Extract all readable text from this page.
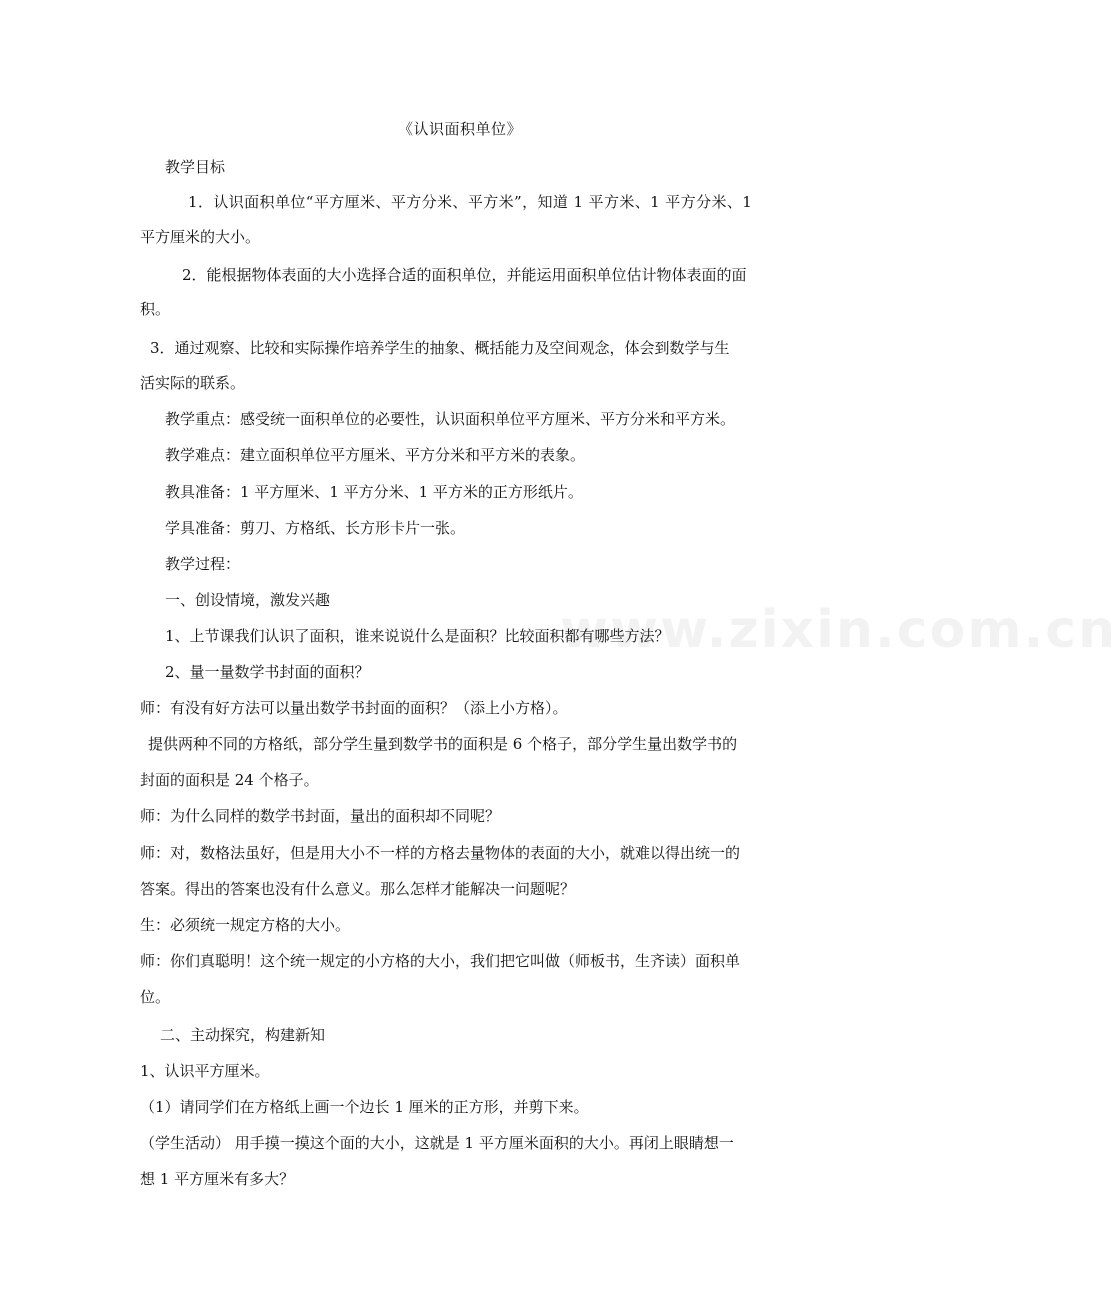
www.zixin.com.cn
《认识面积单位》
教学目标
1．认识面积单位“平方厘米、平方分米、平方米”，知道 1 平方米、1 平方分米、1
平方厘米的大小。
2．能根据物体表面的大小选择合适的面积单位，并能运用面积单位估计物体表面的面
积。
3．通过观察、比较和实际操作培养学生的抽象、概括能力及空间观念，体会到数学与生
活实际的联系。
教学重点：感受统一面积单位的必要性，认识面积单位平方厘米、平方分米和平方米。
教学难点：建立面积单位平方厘米、平方分米和平方米的表象。
教具准备：1 平方厘米、1 平方分米、1 平方米的正方形纸片。
学具准备：剪刀、方格纸、长方形卡片一张。
教学过程：
一、创设情境，激发兴趣
1、上节课我们认识了面积，谁来说说什么是面积？比较面积都有哪些方法？
2、量一量数学书封面的面积？
师：有没有好方法可以量出数学书封面的面积？（添上小方格）。
提供两种不同的方格纸，部分学生量到数学书的面积是 6 个格子，部分学生量出数学书的
封面的面积是 24 个格子。
师：为什么同样的数学书封面，量出的面积却不同呢？
师：对，数格法虽好，但是用大小不一样的方格去量物体的表面的大小，就难以得出统一的
答案。得出的答案也没有什么意义。那么怎样才能解决一问题呢？
生：必须统一规定方格的大小。
师：你们真聪明！这个统一规定的小方格的大小，我们把它叫做（师板书，生齐读）面积单
位。
二、主动探究，构建新知
1、认识平方厘米。
（1）请同学们在方格纸上画一个边长 1 厘米的正方形，并剪下来。
（学生活动） 用手摸一摸这个面的大小，这就是 1 平方厘米面积的大小。再闭上眼睛想一
想 1 平方厘米有多大？
